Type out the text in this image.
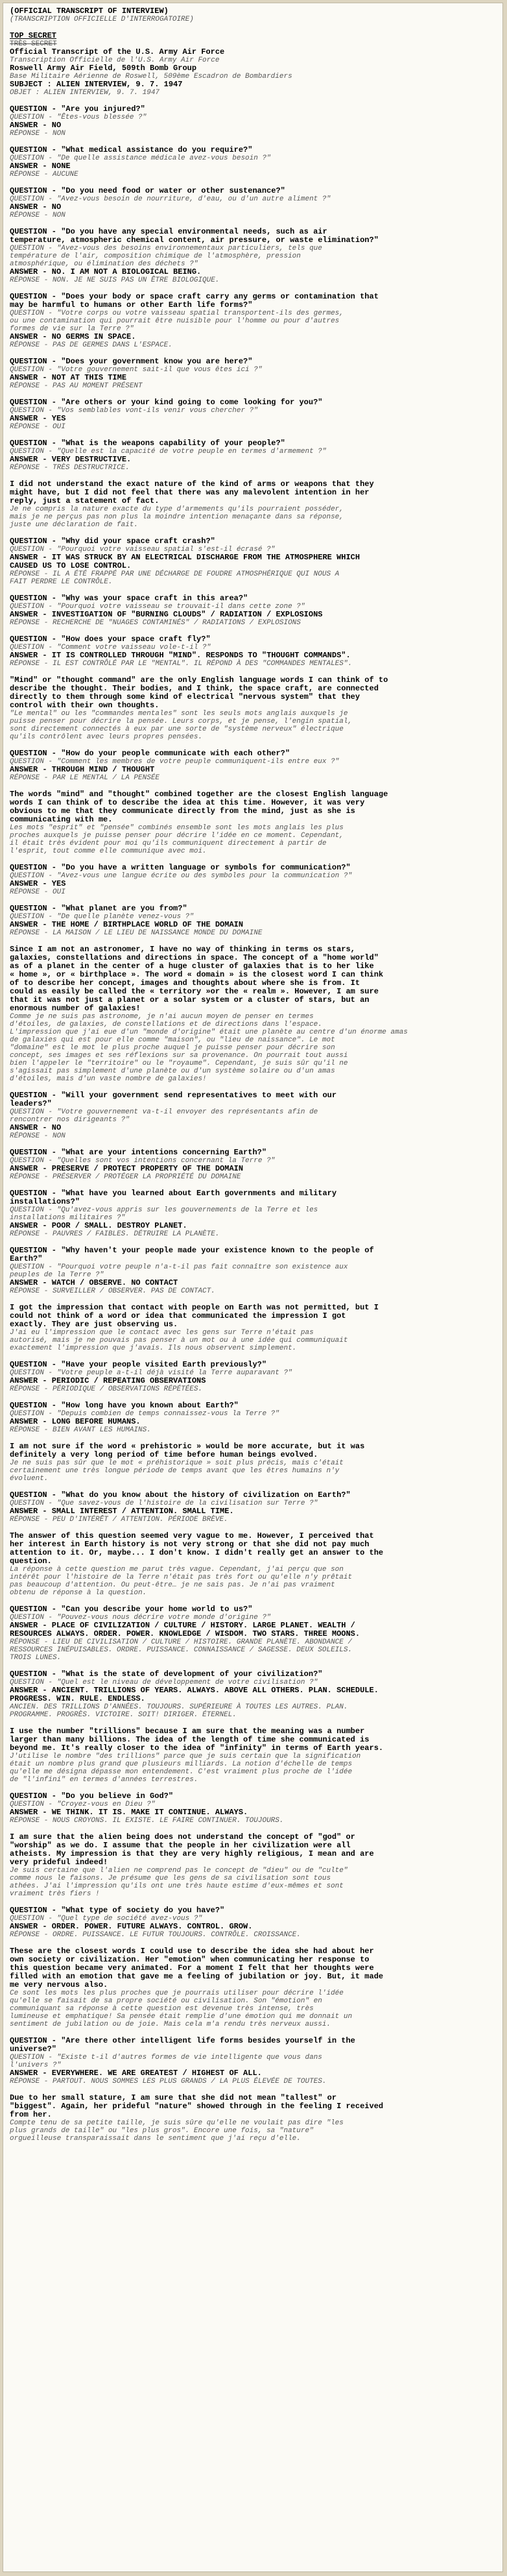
(OFFICIAL TRANSCRIPT OF INTERVIEW)
(TRANSCRIPTION OFFICIELLE D'INTERROGATOIRE)
TOP SECRET
TRÈS SECRET
Official Transcript of the U.S. Army Air Force
Transcription Officielle de l'U.S. Army Air Force
Roswell Army Air Field, 509th Bomb Group
Base Militaire Aérienne de Roswell, 509ème Escadron de Bombardiers
SUBJECT : ALIEN INTERVIEW, 9. 7. 1947
OBJET : ALIEN INTERVIEW, 9. 7. 1947
QUESTION - "Are you injured?"
QUESTION - "Êtes-vous blessée ?"
ANSWER - NO
RÉPONSE - NON
QUESTION - "What medical assistance do you require?"
QUESTION - "De quelle assistance médicale avez-vous besoin ?"
ANSWER - NONE
RÉPONSE - AUCUNE
QUESTION - "Do you need food or water or other sustenance?"
QUESTION - "Avez-vous besoin de nourriture, d'eau, ou d'un autre aliment ?"
ANSWER - NO
RÉPONSE - NON
QUESTION - "Do you have any special environmental needs, such as air
temperature, atmospheric chemical content, air pressure, or waste elimination?"
QUESTION - "Avez-vous des besoins environnementaux particuliers, tels que
température de l'air, composition chimique de l'atmosphère, pression
atmosphérique, ou élimination des déchets ?"
ANSWER - NO. I AM NOT A BIOLOGICAL BEING.
RÉPONSE - NON. JE NE SUIS PAS UN ÊTRE BIOLOGIQUE.
QUESTION - "Does your body or space craft carry any germs or contamination that
may be harmful to humans or other Earth life forms?"
QUESTION - "Votre corps ou votre vaisseau spatial transportent-ils des germes,
ou une contamination qui pourrait être nuisible pour l'homme ou pour d'autres
formes de vie sur la Terre ?"
ANSWER - NO GERMS IN SPACE.
RÉPONSE - PAS DE GERMES DANS L'ESPACE.
QUESTION - "Does your government know you are here?"
QUESTION - "Votre gouvernement sait-il que vous êtes ici ?"
ANSWER - NOT AT THIS TIME
RÉPONSE - PAS AU MOMENT PRÉSENT
QUESTION - "Are others or your kind going to come looking for you?"
QUESTION - "Vos semblables vont-ils venir vous chercher ?"
ANSWER - YES
RÉPONSE - OUI
QUESTION - "What is the weapons capability of your people?"
QUESTION - "Quelle est la capacité de votre peuple en termes d'armement ?"
ANSWER - VERY DESTRUCTIVE.
RÉPONSE - TRÈS DESTRUCTRICE.
I did not understand the exact nature of the kind of arms or weapons that they
might have, but I did not feel that there was any malevolent intention in her
reply, just a statement of fact.
Je ne compris la nature exacte du type d'armements qu'ils pourraient posséder,
mais je ne perçus pas non plus la moindre intention menaçante dans sa réponse,
juste une déclaration de fait.
QUESTION - "Why did your space craft crash?"
QUESTION - "Pourquoi votre vaisseau spatial s'est-il écrasé ?"
ANSWER - IT WAS STRUCK BY AN ELECTRICAL DISCHARGE FROM THE ATMOSPHERE WHICH
CAUSED US TO LOSE CONTROL.
RÉPONSE - IL A ÉTÉ FRAPPÉ PAR UNE DÉCHARGE DE FOUDRE ATMOSPHÉRIQUE QUI NOUS A
FAIT PERDRE LE CONTRÔLE.
QUESTION - "Why was your space craft in this area?"
QUESTION - "Pourquoi votre vaisseau se trouvait-il dans cette zone ?"
ANSWER - INVESTIGATION OF "BURNING CLOUDS" / RADIATION / EXPLOSIONS
RÉPONSE - RECHERCHE DE "NUAGES CONTAMINÉS" / RADIATIONS / EXPLOSIONS
QUESTION - "How does your space craft fly?"
QUESTION - "Comment votre vaisseau vole-t-il ?"
ANSWER - IT IS CONTROLLED THROUGH "MIND". RESPONDS TO "THOUGHT COMMANDS".
RÉPONSE - IL EST CONTRÔLÉ PAR LE "MENTAL". IL RÉPOND À DES "COMMANDES MENTALES".
"Mind" or "thought command" are the only English language words I can think of to
describe the thought. Their bodies, and I think, the space craft, are connected
directly to them through some kind of electrical "nervous system" that they
control with their own thoughts.
"Le mental" ou les "commandes mentales" sont les seuls mots anglais auxquels je
puisse penser pour décrire la pensée. Leurs corps, et je pense, l'engin spatial,
sont directement connectés à eux par une sorte de "système nerveux" électrique
qu'ils contrôlent avec leurs propres pensées.
QUESTION - "How do your people communicate with each other?"
QUESTION - "Comment les membres de votre peuple communiquent-ils entre eux ?"
ANSWER - THROUGH MIND / THOUGHT
RÉPONSE - PAR LE MENTAL / LA PENSÉE
The words "mind" and "thought" combined together are the closest English language
words I can think of to describe the idea at this time. However, it was very
obvious to me that they communicate directly from the mind, just as she is
communicating with me.
Les mots "esprit" et "pensée" combinés ensemble sont les mots anglais les plus
proches auxquels je puisse penser pour décrire l'idée en ce moment. Cependant,
il était très évident pour moi qu'ils communiquent directement à partir de
l'esprit, tout comme elle communique avec moi.
QUESTION - "Do you have a written language or symbols for communication?"
QUESTION - "Avez-vous une langue écrite ou des symboles pour la communication ?"
ANSWER - YES
RÉPONSE - OUI
QUESTION - "What planet are you from?"
QUESTION - "De quelle planète venez-vous ?"
ANSWER - THE HOME / BIRTHPLACE WORLD OF THE DOMAIN
RÉPONSE - LA MAISON / LE LIEU DE NAISSANCE MONDE DU DOMAINE
Since I am not an astronomer, I have no way of thinking in terms os stars,
galaxies, constellations and directions in space. The concept of a "home world"
as of a planet in the center of a huge cluster of galaxies that is to her like
« home », or « birthplace ». The word « domain » is the closest word I can think
of to describe her concept, images and thoughts about where she is from. It
could as easily be called the « territory »or the « realm ». However, I am sure
that it was not just a planet or a solar system or a cluster of stars, but an
enormous number of galaxies!
Comme je ne suis pas astronome, je n'ai aucun moyen de penser en termes
d'étoiles, de galaxies, de constellations et de directions dans l'espace.
L'impression que j'ai eue d'un "monde d'origine" était une planète au centre d'un énorme amas
de galaxies qui est pour elle comme "maison", ou "lieu de naissance". Le mot
"domaine" est le mot le plus proche auquel je puisse penser pour décrire son
concept, ses images et ses réflexions sur sa provenance. On pourrait tout aussi
bien l'appeler le "territoire" ou le "royaume". Cependant, je suis sûr qu'il ne
s'agissait pas simplement d'une planète ou d'un système solaire ou d'un amas
d'étoiles, mais d'un vaste nombre de galaxies!
QUESTION - "Will your government send representatives to meet with our
leaders?"
QUESTION - "Votre gouvernement va-t-il envoyer des représentants afin de
rencontrer nos dirigeants ?"
ANSWER - NO
RÉPONSE - NON
QUESTION - "What are your intentions concerning Earth?"
QUESTION - "Quelles sont vos intentions concernant la Terre ?"
ANSWER - PRESERVE / PROTECT PROPERTY OF THE DOMAIN
RÉPONSE - PRÉSERVER / PROTÉGER LA PROPRIÉTÉ DU DOMAINE
QUESTION - "What have you learned about Earth governments and military
installations?"
QUESTION - "Qu'avez-vous appris sur les gouvernements de la Terre et les
installations militaires ?"
ANSWER - POOR / SMALL. DESTROY PLANET.
RÉPONSE - PAUVRES / FAIBLES. DÉTRUIRE LA PLANÈTE.
QUESTION - "Why haven't your people made your existence known to the people of
Earth?"
QUESTION - "Pourquoi votre peuple n'a-t-il pas fait connaître son existence aux
peuples de la Terre ?"
ANSWER - WATCH / OBSERVE. NO CONTACT
RÉPONSE - SURVEILLER / OBSERVER. PAS DE CONTACT.
I got the impression that contact with people on Earth was not permitted, but I
could not think of a word or idea that communicated the impression I got
exactly. They are just observing us.
J'ai eu l'impression que le contact avec les gens sur Terre n'était pas
autorisé, mais je ne pouvais pas penser à un mot ou à une idée qui communiquait
exactement l'impression que j'avais. Ils nous observent simplement.
QUESTION - "Have your people visited Earth previously?"
QUESTION - "Votre peuple a-t-il déjà visité la Terre auparavant ?"
ANSWER - PERIODIC / REPEATING OBSERVATIONS
RÉPONSE - PÉRIODIQUE / OBSERVATIONS RÉPÉTÉES.
QUESTION - "How long have you known about Earth?"
QUESTION - "Depuis combien de temps connaissez-vous la Terre ?"
ANSWER - LONG BEFORE HUMANS.
RÉPONSE - BIEN AVANT LES HUMAINS.
I am not sure if the word « prehistoric » would be more accurate, but it was
definitely a very long period of time before human beings evolved.
Je ne suis pas sûr que le mot « préhistorique » soit plus précis, mais c'était
certainement une très longue période de temps avant que les êtres humains n'y
évoluent.
QUESTION - "What do you know about the history of civilization on Earth?"
QUESTION - "Que savez-vous de l'histoire de la civilisation sur Terre ?"
ANSWER - SMALL INTEREST / ATTENTION. SMALL TIME.
RÉPONSE - PEU D'INTÉRÊT / ATTENTION. PÉRIODE BRÈVE.
The answer of this question seemed very vague to me. However, I perceived that
her interest in Earth history is not very strong or that she did not pay much
attention to it. Or, maybe... I don't know. I didn't really get an answer to the
question.
La réponse à cette question me parut très vague. Cependant, j'ai perçu que son
intérêt pour l'histoire de la Terre n'était pas très fort ou qu'elle n'y prêtait
pas beaucoup d'attention. Ou peut-être… je ne sais pas. Je n'ai pas vraiment
obtenu de réponse à la question.
QUESTION - "Can you describe your home world to us?"
QUESTION - "Pouvez-vous nous décrire votre monde d'origine ?"
ANSWER - PLACE OF CIVILIZATION / CULTURE / HISTORY. LARGE PLANET. WEALTH /
RESOURCES ALWAYS. ORDER. POWER. KNOWLEDGE / WISDOM. TWO STARS. THREE MOONS.
RÉPONSE - LIEU DE CIVILISATION / CULTURE / HISTOIRE. GRANDE PLANÈTE. ABONDANCE /
RESSOURCES INÉPUISABLES. ORDRE. PUISSANCE. CONNAISSANCE / SAGESSE. DEUX SOLEILS.
TROIS LUNES.
QUESTION - "What is the state of development of your civilization?"
QUESTION - "Quel est le niveau de développement de votre civilisation ?"
ANSWER - ANCIENT. TRILLIONS OF YEARS. ALWAYS. ABOVE ALL OTHERS. PLAN. SCHEDULE.
PROGRESS. WIN. RULE. ENDLESS.
ANCIEN. DES TRILLIONS D'ANNÉES. TOUJOURS. SUPÉRIEURE À TOUTES LES AUTRES. PLAN.
PROGRAMME. PROGRÈS. VICTOIRE. SOIT! DIRIGER. ÉTERNEL.
I use the number "trillions" because I am sure that the meaning was a number
larger than many billions. The idea of the length of time she communicated is
beyond me. It's really closer to the idea of "infinity" in terms of Earth years.
J'utilise le nombre "des trillions" parce que je suis certain que la signification
était un nombre plus grand que plusieurs milliards. La notion d'échelle de temps
qu'elle me désigna dépasse mon entendement. C'est vraiment plus proche de l'idée
de "l'infini" en termes d'années terrestres.
QUESTION - "Do you believe in God?"
QUESTION - "Croyez-vous en Dieu ?"
ANSWER - WE THINK. IT IS. MAKE IT CONTINUE. ALWAYS.
RÉPONSE - NOUS CROYONS. IL EXISTE. LE FAIRE CONTINUER. TOUJOURS.
I am sure that the alien being does not understand the concept of "god" or
"worship" as we do. I assume that the people in her civilization were all
atheists. My impression is that they are very highly religious, I mean and are
very prideful indeed!
Je suis certaine que l'alien ne comprend pas le concept de "dieu" ou de "culte"
comme nous le faisons. Je présume que les gens de sa civilisation sont tous
athées. J'ai l'impression qu'ils ont une très haute estime d'eux-mêmes et sont
vraiment très fiers !
QUESTION - "What type of society do you have?"
QUESTION - "Quel type de société avez-vous ?"
ANSWER - ORDER. POWER. FUTURE ALWAYS. CONTROL. GROW.
RÉPONSE - ORDRE. PUISSANCE. LE FUTUR TOUJOURS. CONTRÔLE. CROISSANCE.
These are the closest words I could use to describe the idea she had about her
own society or civilization. Her "emotion" when communicating her response to
this question became very animated. For a moment I felt that her thoughts were
filled with an emotion that gave me a feeling of jubilation or joy. But, it made
me very nervous also.
Ce sont les mots les plus proches que je pourrais utiliser pour décrire l'idée
qu'elle se faisait de sa propre société ou civilisation. Son "émotion" en
communiquant sa réponse à cette question est devenue très intense, très
lumineuse et emphatique! Sa pensée était remplie d'une émotion qui me donnait un
sentiment de jubilation ou de joie. Mais cela m'a rendu très nerveux aussi.
QUESTION - "Are there other intelligent life forms besides yourself in the
universe?"
QUESTION - "Existe t-il d'autres formes de vie intelligente que vous dans
l'univers ?"
ANSWER - EVERYWHERE. WE ARE GREATEST / HIGHEST OF ALL.
RÉPONSE - PARTOUT. NOUS SOMMES LES PLUS GRANDS / LA PLUS ÉLEVÉE DE TOUTES.
Due to her small stature, I am sure that she did not mean "tallest" or
"biggest". Again, her prideful "nature" showed through in the feeling I received
from her.
Compte tenu de sa petite taille, je suis sûre qu'elle ne voulait pas dire "les
plus grands de taille" ou "les plus gros". Encore une fois, sa "nature"
orgueilleuse transparaissait dans le sentiment que j'ai reçu d'elle.
